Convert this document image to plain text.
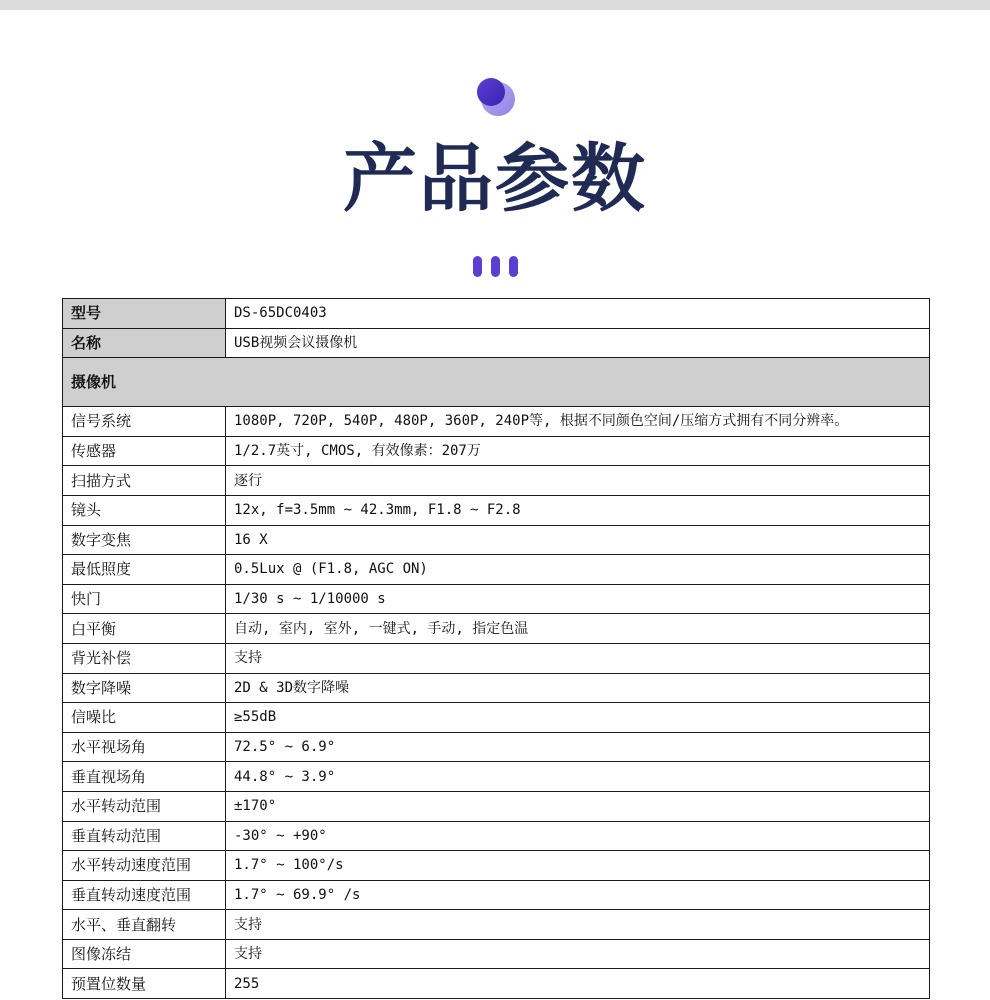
产品参数
型号	DS-65DC0403
名称	USB视频会议摄像机
摄像机	
信号系统	1080P, 720P, 540P, 480P, 360P, 240P等, 根据不同颜色空间/压缩方式拥有不同分辨率。
传感器	1/2.7英寸, CMOS, 有效像素：207万
扫描方式	逐行
镜头	12x, f=3.5mm ~ 42.3mm, F1.8 ~ F2.8
数字变焦	16 X
最低照度	0.5Lux @ (F1.8, AGC ON)
快门	1/30 s ~ 1/10000 s
白平衡	自动, 室内, 室外, 一键式, 手动, 指定色温
背光补偿	支持
数字降噪	2D & 3D数字降噪
信噪比	≥55dB
水平视场角	72.5° ~ 6.9°
垂直视场角	44.8° ~ 3.9°
水平转动范围	±170°
垂直转动范围	-30° ~ +90°
水平转动速度范围	1.7° ~ 100°/s
垂直转动速度范围	1.7° ~ 69.9° /s
水平、垂直翻转	支持
图像冻结	支持
预置位数量	255
